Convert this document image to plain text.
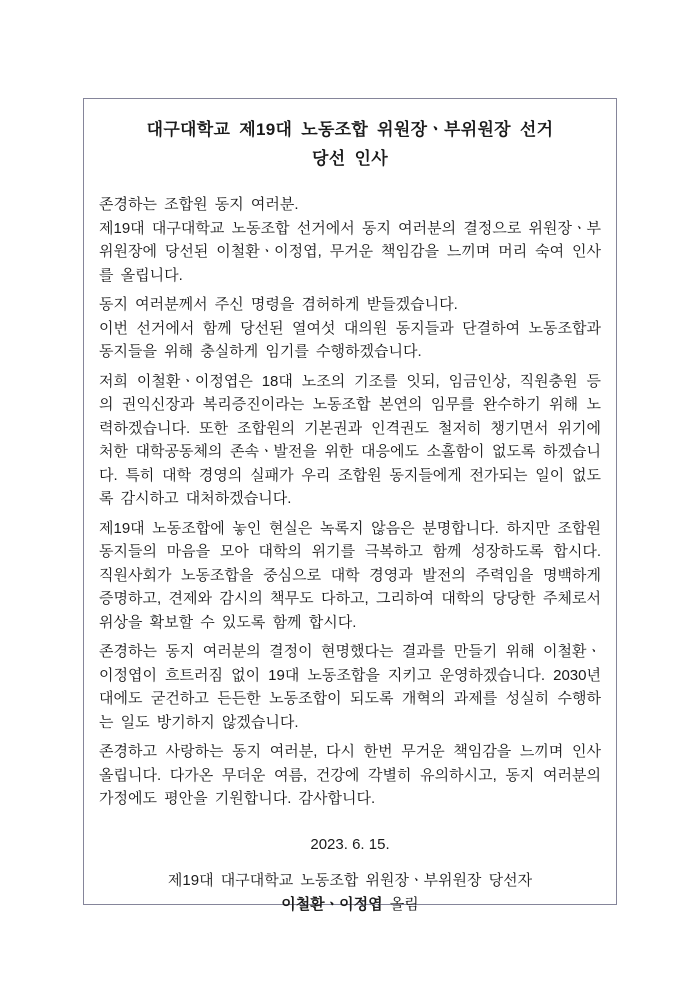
대구대학교 제19대 노동조합 위원장ㆍ부위원장 선거
당선 인사

존경하는 조합원 동지 여러분.
제19대 대구대학교 노동조합 선거에서 동지 여러분의 결정으로 위원장ㆍ부위원장에 당선된 이철환ㆍ이정엽, 무거운 책임감을 느끼며 머리 숙여 인사를 올립니다.

동지 여러분께서 주신 명령을 겸허하게 받들겠습니다.
이번 선거에서 함께 당선된 열여섯 대의원 동지들과 단결하여 노동조합과 동지들을 위해 충실하게 임기를 수행하겠습니다.

저희 이철환ㆍ이정엽은 18대 노조의 기조를 잇되, 임금인상, 직원충원 등의 권익신장과 복리증진이라는 노동조합 본연의 임무를 완수하기 위해 노력하겠습니다. 또한 조합원의 기본권과 인격권도 철저히 챙기면서 위기에 처한 대학공동체의 존속ㆍ발전을 위한 대응에도 소홀함이 없도록 하겠습니다. 특히 대학 경영의 실패가 우리 조합원 동지들에게 전가되는 일이 없도록 감시하고 대처하겠습니다.

제19대 노동조합에 놓인 현실은 녹록지 않음은 분명합니다. 하지만 조합원 동지들의 마음을 모아 대학의 위기를 극복하고 함께 성장하도록 합시다. 직원사회가 노동조합을 중심으로 대학 경영과 발전의 주력임을 명백하게 증명하고, 견제와 감시의 책무도 다하고, 그리하여 대학의 당당한 주체로서 위상을 확보할 수 있도록 함께 합시다.

존경하는 동지 여러분의 결정이 현명했다는 결과를 만들기 위해 이철환ㆍ이정엽이 흐트러짐 없이 19대 노동조합을 지키고 운영하겠습니다. 2030년대에도 굳건하고 든든한 노동조합이 되도록 개혁의 과제를 성실히 수행하는 일도 방기하지 않겠습니다.

존경하고 사랑하는 동지 여러분, 다시 한번 무거운 책임감을 느끼며 인사 올립니다. 다가온 무더운 여름, 건강에 각별히 유의하시고, 동지 여러분의 가정에도 평안을 기원합니다. 감사합니다.

2023. 6. 15.
제19대 대구대학교 노동조합 위원장ㆍ부위원장 당선자
이철환ㆍ이정엽 올림
